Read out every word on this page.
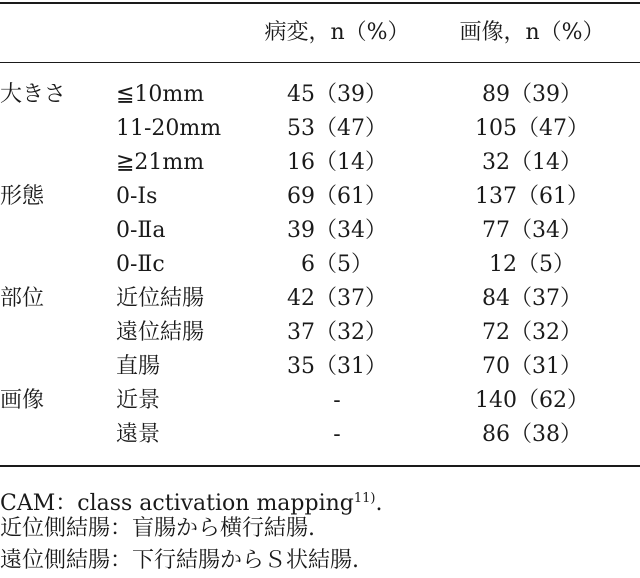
病変，n（%）	画像，n（%）
大きさ ≦10mm	45（39）	89（39）
11-20mm	53（47）	105（47）
≧21mm	16（14）	32（14）
形態	0-Ⅰs	69（61）	137（61）
0-Ⅱa	39（34）	77（34）
0-Ⅱc	6（5）	12（5）
部位	近位結腸	42（37）	84（37）
遠位結腸	37（32）	72（32）
直腸	35（31）	70（31）
画像	近景	-	140（62）
遠景	-	86（38）
CAM：class activation mapping$^{11)}$.
近位側結腸：盲腸から横行結腸.
遠位側結腸：下行結腸からＳ状結腸.
